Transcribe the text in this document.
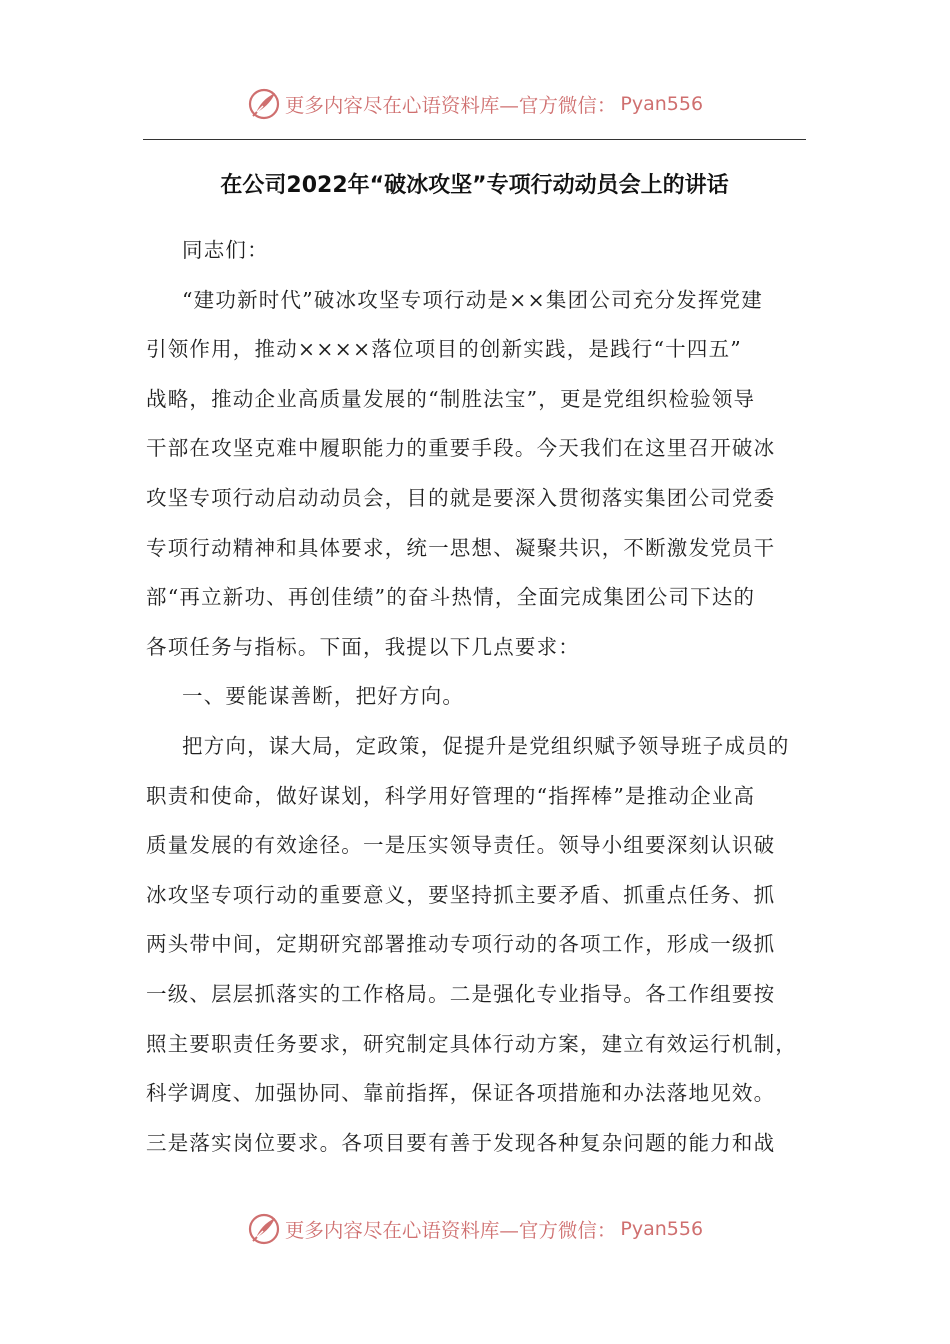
更多内容尽在心语资料库—官方微信： Pyan556
在公司2022年“破冰攻坚”专项行动动员会上的讲话
同志们：
“建功新时代”破冰攻坚专项行动是××集团公司充分发挥党建
引领作用，推动××××落位项目的创新实践，是践行“十四五”
战略，推动企业高质量发展的“制胜法宝”，更是党组织检验领导
干部在攻坚克难中履职能力的重要手段。今天我们在这里召开破冰
攻坚专项行动启动动员会，目的就是要深入贯彻落实集团公司党委
专项行动精神和具体要求，统一思想、凝聚共识，不断激发党员干
部“再立新功、再创佳绩”的奋斗热情，全面完成集团公司下达的
各项任务与指标。下面，我提以下几点要求：
一、要能谋善断，把好方向。
把方向，谋大局，定政策，促提升是党组织赋予领导班子成员的
职责和使命，做好谋划，科学用好管理的“指挥棒”是推动企业高
质量发展的有效途径。一是压实领导责任。领导小组要深刻认识破
冰攻坚专项行动的重要意义，要坚持抓主要矛盾、抓重点任务、抓
两头带中间，定期研究部署推动专项行动的各项工作，形成一级抓
一级、层层抓落实的工作格局。二是强化专业指导。各工作组要按
照主要职责任务要求，研究制定具体行动方案，建立有效运行机制，
科学调度、加强协同、靠前指挥，保证各项措施和办法落地见效。
三是落实岗位要求。各项目要有善于发现各种复杂问题的能力和战
更多内容尽在心语资料库—官方微信： Pyan556
